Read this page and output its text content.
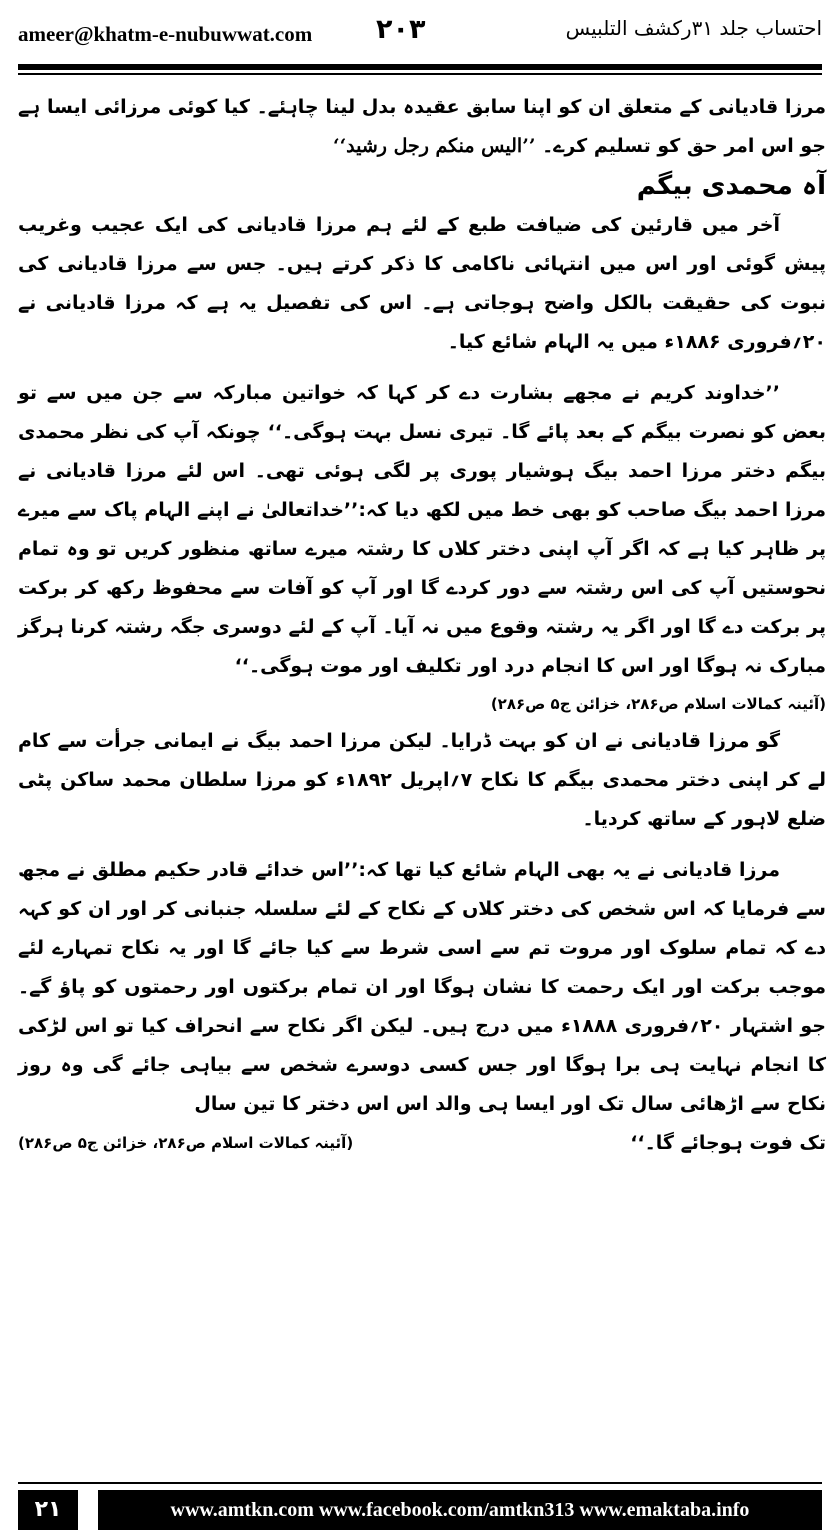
ameer@khatm-e-nubuwwat.com ۲۰۳	احتساب جلد ۳۱رکشف التلبیس

مرزا قادیانی کے متعلق ان کو اپنا سابق عقیدہ بدل لینا چاہئے۔ کیا کوئی مرزائی ایسا ہے جو اس امر حق کو تسلیم کرے۔ ’’الیس منکم رجل رشید‘‘

آہ محمدی بیگم

آخر میں قارئین کی ضیافت طبع کے لئے ہم مرزا قادیانی کی ایک عجیب وغریب پیش گوئی اور اس میں انتہائی ناکامی کا ذکر کرتے ہیں۔ جس سے مرزا قادیانی کی نبوت کی حقیقت بالکل واضح ہوجاتی ہے۔ اس کی تفصیل یہ ہے کہ مرزا قادیانی نے ۲۰؍فروری ۱۸۸۶ء میں یہ الہام شائع کیا۔

’’خداوند کریم نے مجھے بشارت دے کر کہا کہ خواتین مبارکہ سے جن میں سے تو بعض کو نصرت بیگم کے بعد پائے گا۔ تیری نسل بہت ہوگی۔‘‘ چونکہ آپ کی نظر محمدی بیگم دختر مرزا احمد بیگ ہوشیار پوری پر لگی ہوئی تھی۔ اس لئے مرزا قادیانی نے مرزا احمد بیگ صاحب کو بھی خط میں لکھ دیا کہ:’’خداتعالیٰ نے اپنے الہام پاک سے میرے پر ظاہر کیا ہے کہ اگر آپ اپنی دختر کلاں کا رشتہ میرے ساتھ منظور کریں تو وہ تمام نحوستیں آپ کی اس رشتہ سے دور کردے گا اور آپ کو آفات سے محفوظ رکھ کر برکت پر برکت دے گا اور اگر یہ رشتہ وقوع میں نہ آیا۔ آپ کے لئے دوسری جگہ رشتہ کرنا ہرگز مبارک نہ ہوگا اور اس کا انجام درد اور تکلیف اور موت ہوگی۔‘‘

(آئینہ کمالات اسلام ص۲۸۶، خزائن ج۵ ص۲۸۶)

گو مرزا قادیانی نے ان کو بہت ڈرایا۔ لیکن مرزا احمد بیگ نے ایمانی جرأت سے کام لے کر اپنی دختر محمدی بیگم کا نکاح ۷؍اپریل ۱۸۹۲ء کو مرزا سلطان محمد ساکن پٹی ضلع لاہور کے ساتھ کردیا۔

مرزا قادیانی نے یہ بھی الہام شائع کیا تھا کہ:’’اس خدائے قادر حکیم مطلق نے مجھ سے فرمایا کہ اس شخص کی دختر کلاں کے نکاح کے لئے سلسلہ جنبانی کر اور ان کو کہہ دے کہ تمام سلوک اور مروت تم سے اسی شرط سے کیا جائے گا اور یہ نکاح تمہارے لئے موجب برکت اور ایک رحمت کا نشان ہوگا اور ان تمام برکتوں اور رحمتوں کو پاؤ گے۔ جو اشتہار ۲۰؍فروری ۱۸۸۸ء میں درج ہیں۔ لیکن اگر نکاح سے انحراف کیا تو اس لڑکی کا انجام نہایت ہی برا ہوگا اور جس کسی دوسرے شخص سے بیاہی جائے گی وہ روز نکاح سے اڑھائی سال تک اور ایسا ہی والد اس اس دختر کا تین سال

تک فوت ہوجائے گا۔‘‘
(آئینہ کمالات اسلام ص۲۸۶، خزائن ج۵ ص۲۸۶)

۲۱	www.amtkn.com www.facebook.com/amtkn313 www.emaktaba.info
